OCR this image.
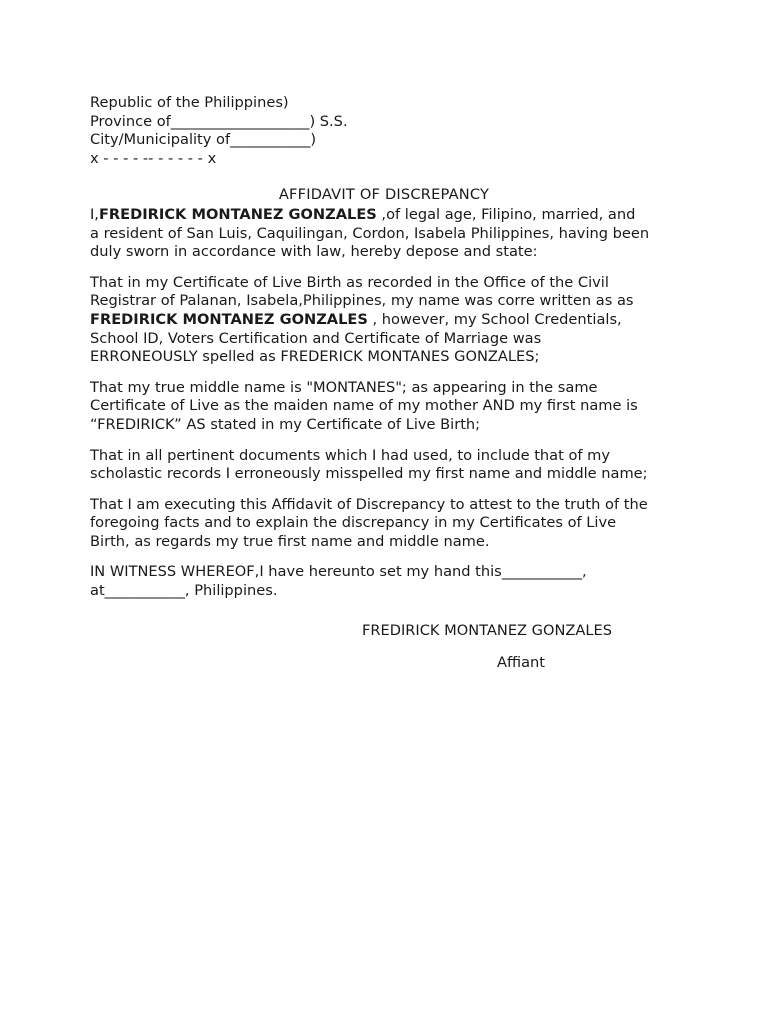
Republic of the Philippines)
Province of___________________) S.S.
City/Municipality of___________)
x - - - - -- - - - - - x
AFFIDAVIT OF DISCREPANCY

I,FREDIRICK MONTANEZ GONZALES ,of legal age, Filipino, married, and
a resident of San Luis, Caquilingan, Cordon, Isabela Philippines, having been
duly sworn in accordance with law, hereby depose and state:

That in my Certificate of Live Birth as recorded in the Office of the Civil
Registrar of Palanan, Isabela,Philippines, my name was corre written as as
FREDIRICK MONTANEZ GONZALES , however, my School Credentials,
School ID, Voters Certification and Certificate of Marriage was
ERRONEOUSLY spelled as FREDERICK MONTANES GONZALES;

That my true middle name is "MONTANES"; as appearing in the same
Certificate of Live as the maiden name of my mother AND my first name is
“FREDIRICK” AS stated in my Certificate of Live Birth;

That in all pertinent documents which I had used, to include that of my
scholastic records I erroneously misspelled my first name and middle name;

That I am executing this Affidavit of Discrepancy to attest to the truth of the
foregoing facts and to explain the discrepancy in my Certificates of Live
Birth, as regards my true first name and middle name.

IN WITNESS WHEREOF,I have hereunto set my hand this___________,
at___________, Philippines.

FREDIRICK MONTANEZ GONZALES
Affiant
